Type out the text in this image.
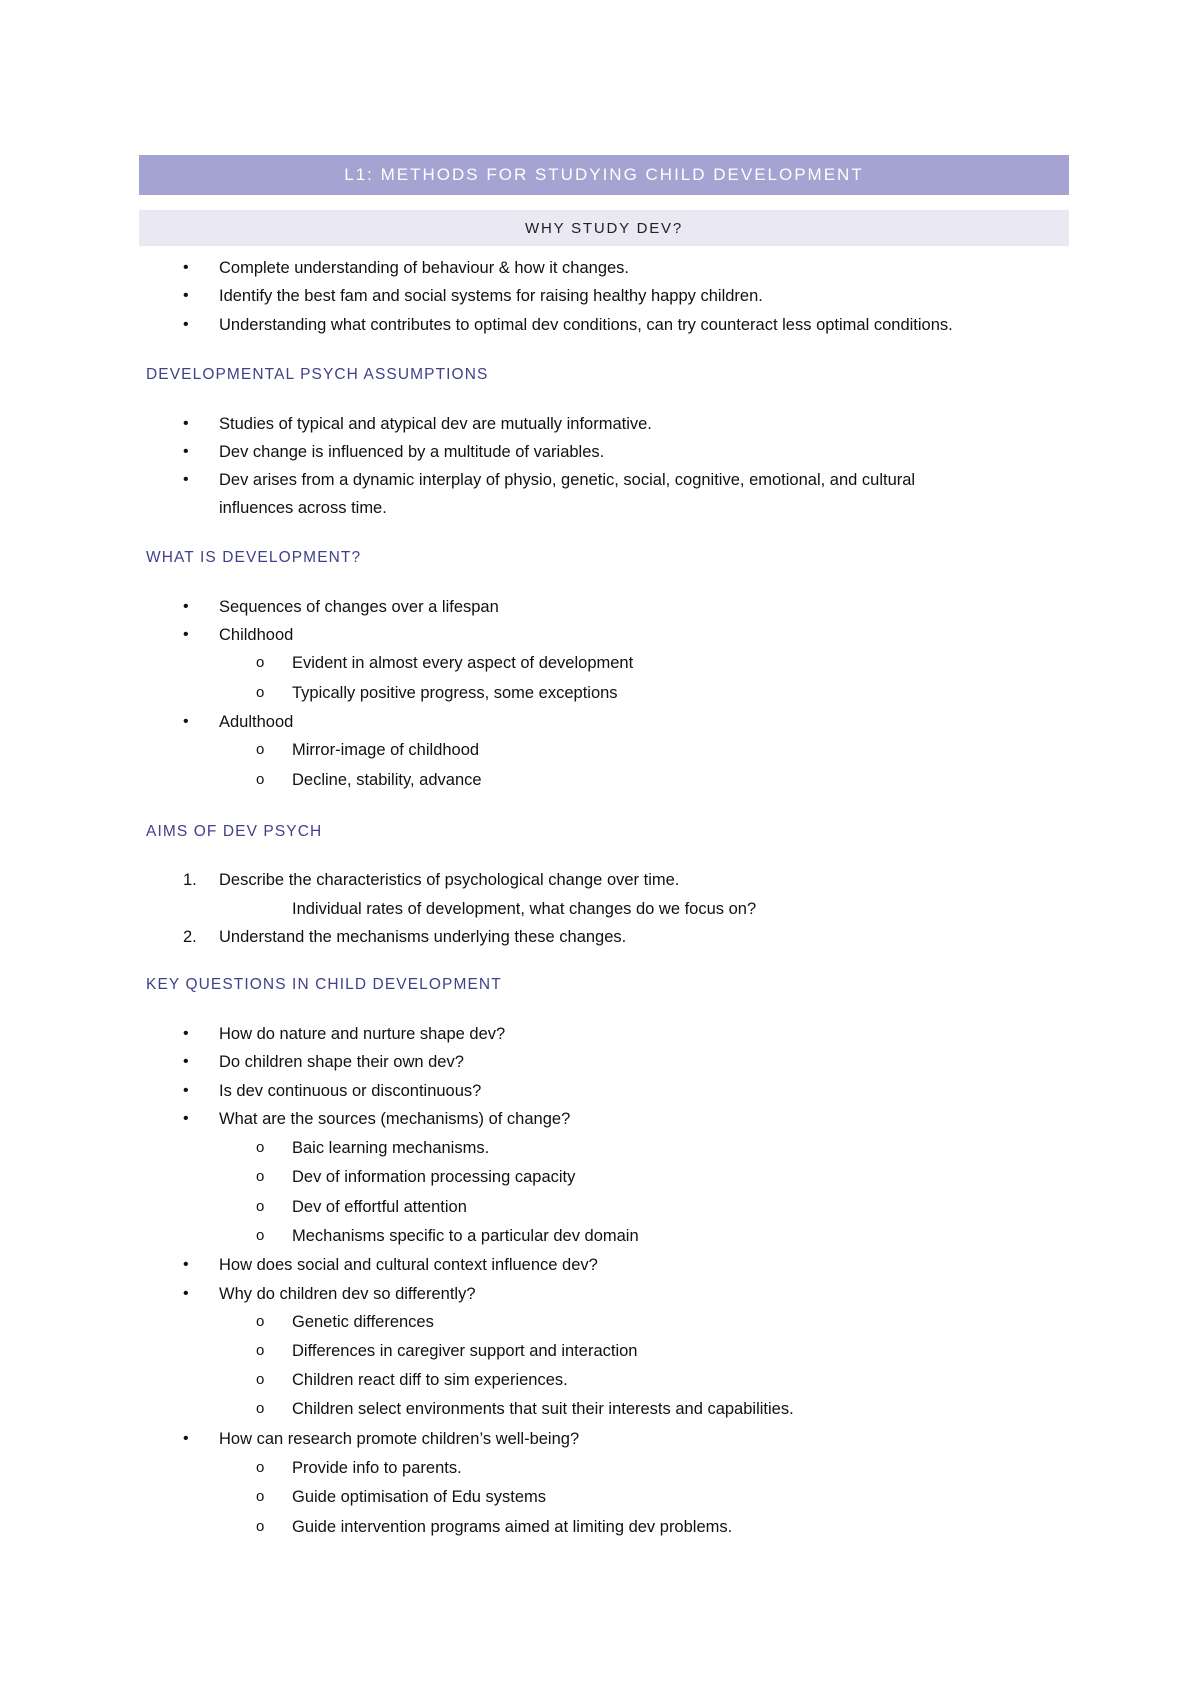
L1: METHODS FOR STUDYING CHILD DEVELOPMENT
WHY STUDY DEV?
• Complete understanding of behaviour & how it changes.
• Identify the best fam and social systems for raising healthy happy children.
• Understanding what contributes to optimal dev conditions, can try counteract less optimal conditions.
DEVELOPMENTAL PSYCH ASSUMPTIONS
• Studies of typical and atypical dev are mutually informative.
• Dev change is influenced by a multitude of variables.
• Dev arises from a dynamic interplay of physio, genetic, social, cognitive, emotional, and cultural
influences across time.
WHAT IS DEVELOPMENT?
• Sequences of changes over a lifespan
• Childhood
o Evident in almost every aspect of development
o Typically positive progress, some exceptions
• Adulthood
o Mirror-image of childhood
o Decline, stability, advance
AIMS OF DEV PSYCH
1. Describe the characteristics of psychological change over time.
Individual rates of development, what changes do we focus on?
2. Understand the mechanisms underlying these changes.
KEY QUESTIONS IN CHILD DEVELOPMENT
• How do nature and nurture shape dev?
• Do children shape their own dev?
• Is dev continuous or discontinuous?
• What are the sources (mechanisms) of change?
o Baic learning mechanisms.
o Dev of information processing capacity
o Dev of effortful attention
o Mechanisms specific to a particular dev domain
• How does social and cultural context influence dev?
• Why do children dev so differently?
o Genetic differences
o Differences in caregiver support and interaction
o Children react diff to sim experiences.
o Children select environments that suit their interests and capabilities.
• How can research promote children’s well-being?
o Provide info to parents.
o Guide optimisation of Edu systems
o Guide intervention programs aimed at limiting dev problems.
